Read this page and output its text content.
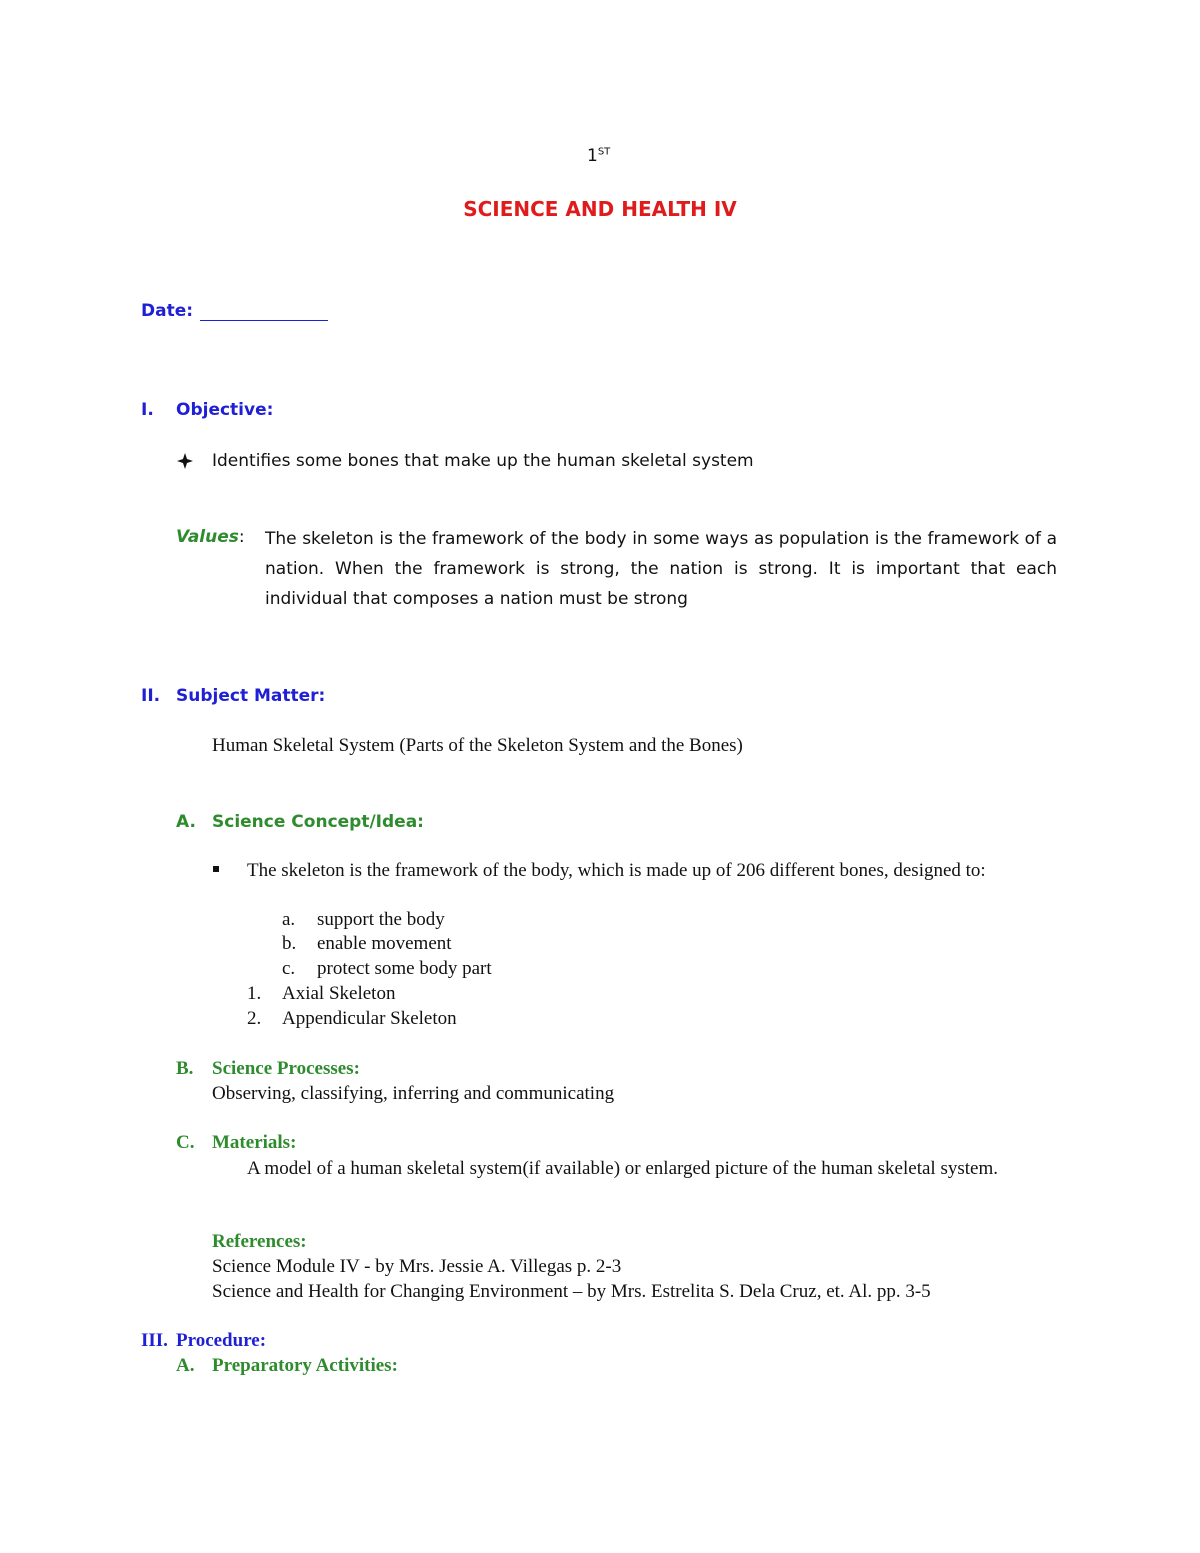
1ST
SCIENCE AND HEALTH IV
Date:
I. Objective:
Identifies some bones that make up the human skeletal system
Values: The skeleton is the framework of the body in some ways as population is the framework of a nation. When the framework is strong, the nation is strong. It is important that each individual that composes a nation must be strong
II. Subject Matter:
Human Skeletal System (Parts of the Skeleton System and the Bones)
A. Science Concept/Idea:
The skeleton is the framework of the body, which is made up of 206 different bones, designed to:
a. support the body
b. enable movement
c. protect some body part
1. Axial Skeleton
2. Appendicular Skeleton
B. Science Processes:
Observing, classifying, inferring and communicating
C. Materials:
A model of a human skeletal system(if available) or enlarged picture of the human skeletal system.
References:
Science Module IV - by Mrs. Jessie A. Villegas p. 2-3
Science and Health for Changing Environment – by Mrs. Estrelita S. Dela Cruz, et. Al. pp. 3-5
III. Procedure:
A. Preparatory Activities:
